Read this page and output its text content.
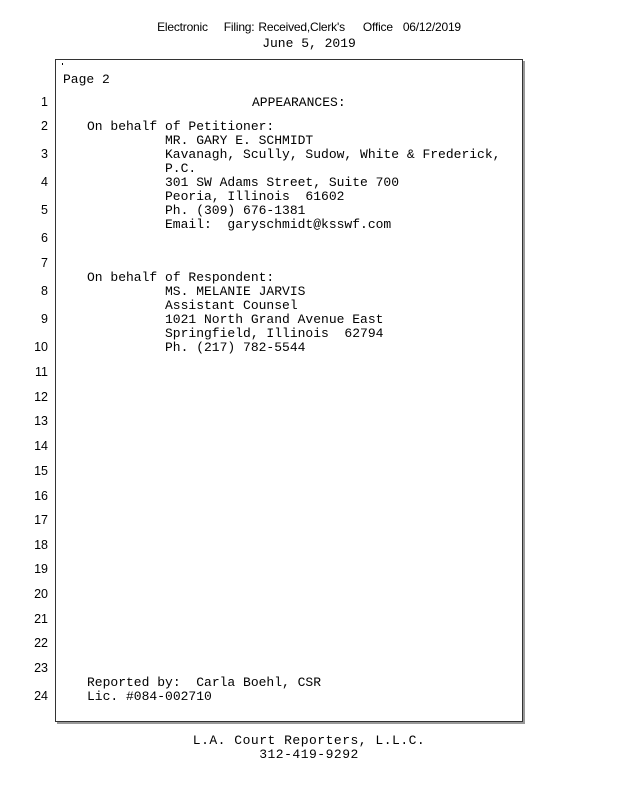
Electronic Filing: Received,Clerk's Office 06/12/2019
June 5, 2019
Page 2
1
2
3
4
5
6
7
8
9
10
11
12
13
14
15
16
17
18
19
20
21
22
23
24
APPEARANCES:
On behalf of Petitioner:
MR. GARY E. SCHMIDT
Kavanagh, Scully, Sudow, White & Frederick,
P.C.
301 SW Adams Street, Suite 700
Peoria, Illinois  61602
Ph. (309) 676-1381
Email:  garyschmidt@ksswf.com
On behalf of Respondent:
MS. MELANIE JARVIS
Assistant Counsel
1021 North Grand Avenue East
Springfield, Illinois  62794
Ph. (217) 782-5544
Reported by:  Carla Boehl, CSR
Lic. #084-002710
L.A. Court Reporters, L.L.C.
312-419-9292
